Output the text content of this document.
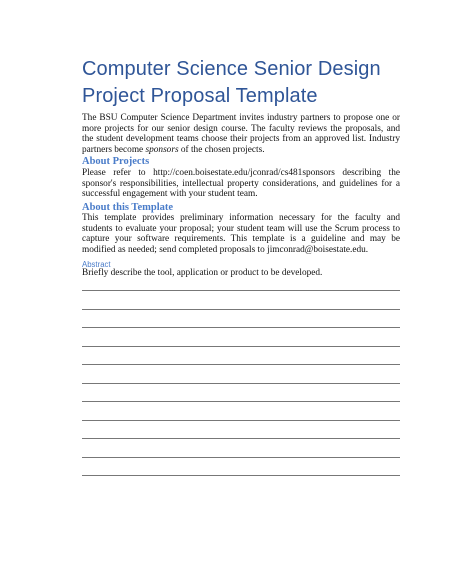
Computer Science Senior Design
Project Proposal Template
The BSU Computer Science Department invites industry partners to propose one or more projects for our senior design course. The faculty reviews the proposals, and the student development teams choose their projects from an approved list. Industry partners become sponsors of the chosen projects.
About Projects
Please refer to http://coen.boisestate.edu/jconrad/cs481sponsors describing the sponsor's responsibilities, intellectual property considerations, and guidelines for a successful engagement with your student team.
About this Template
This template provides preliminary information necessary for the faculty and students to evaluate your proposal; your student team will use the Scrum process to capture your software requirements. This template is a guideline and may be modified as needed; send completed proposals to jimconrad@boisestate.edu.
Abstract
Briefly describe the tool, application or product to be developed.
